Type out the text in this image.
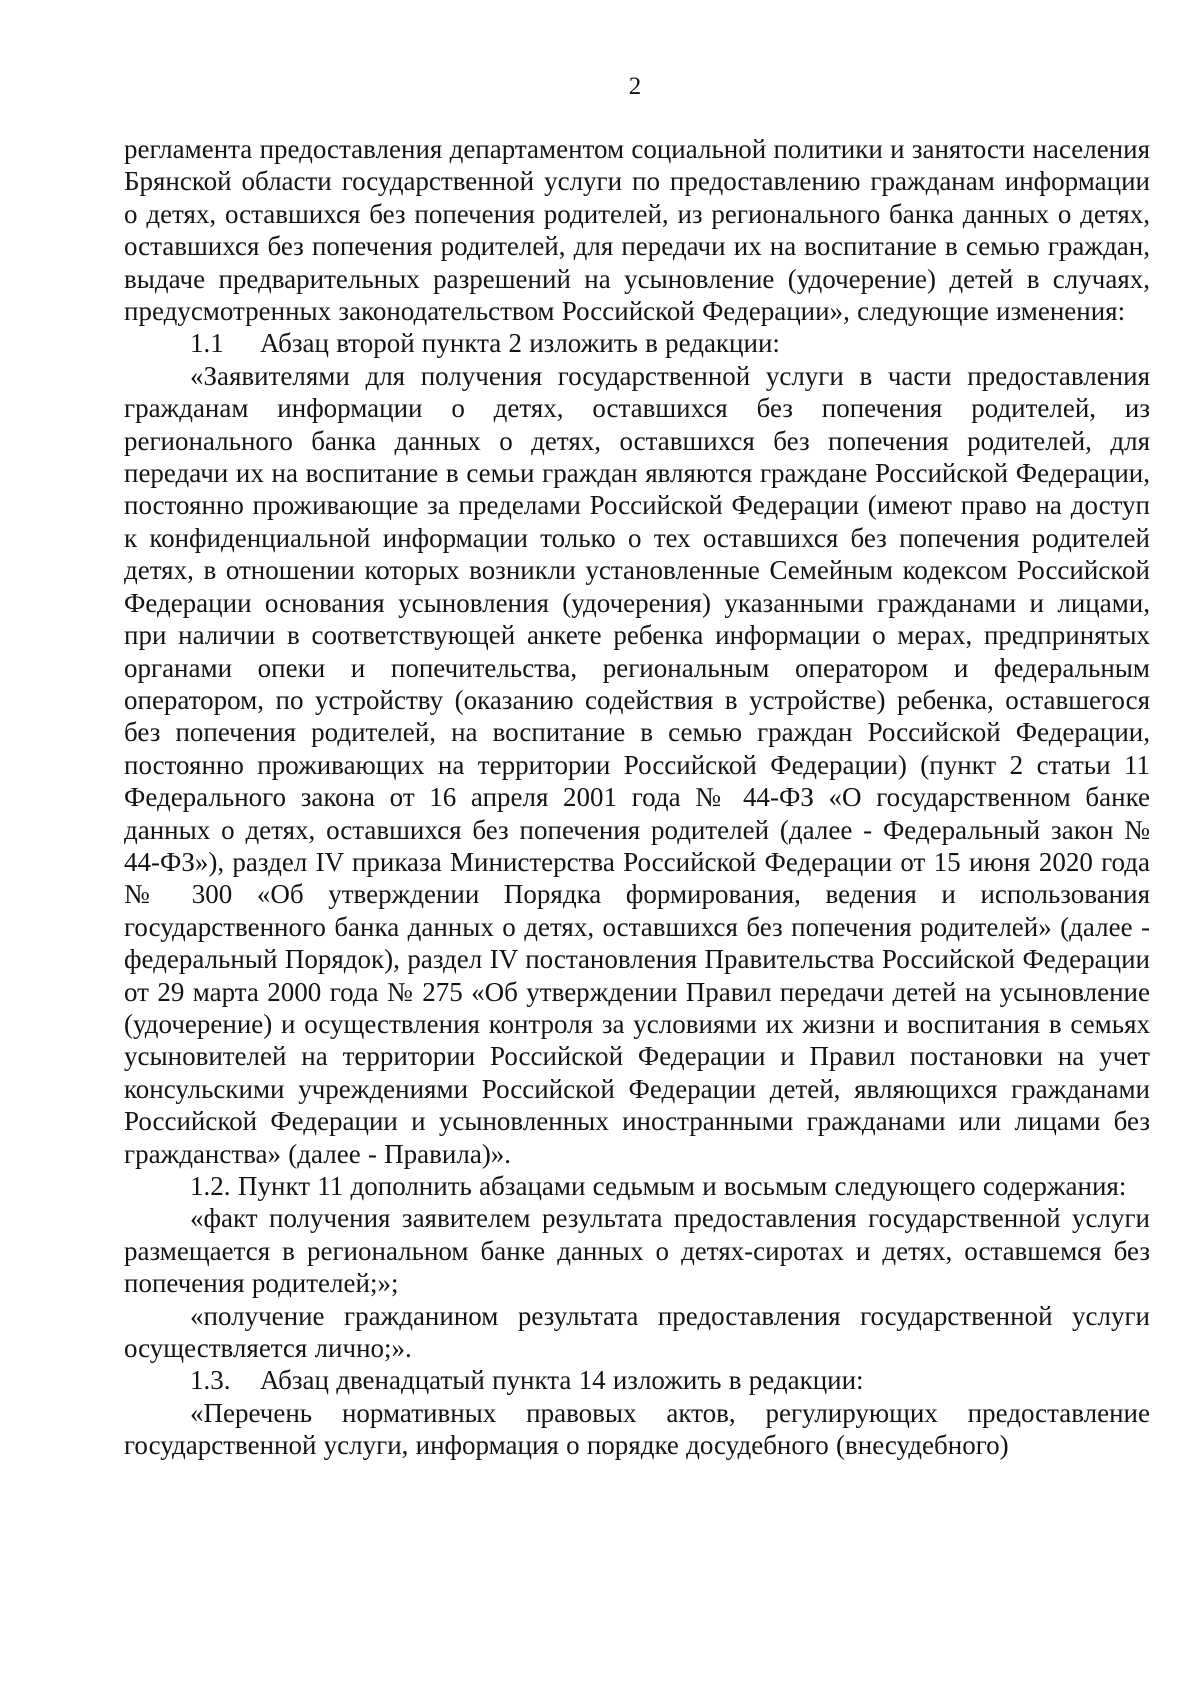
2

регламента предоставления департаментом социальной политики и занятости населения Брянской области государственной услуги по предоставлению гражданам информации о детях, оставшихся без попечения родителей, из регионального банка данных о детях, оставшихся без попечения родителей, для передачи их на воспитание в семью граждан, выдаче предварительных разрешений на усыновление (удочерение) детей в случаях, предусмотренных законодательством Российской Федерации», следующие изменения:

1.1 Абзац второй пункта 2 изложить в редакции:

«Заявителями для получения государственной услуги в части предоставления гражданам информации о детях, оставшихся без попечения родителей, из регионального банка данных о детях, оставшихся без попечения родителей, для передачи их на воспитание в семьи граждан являются граждане Российской Федерации, постоянно проживающие за пределами Российской Федерации (имеют право на доступ к конфиденциальной информации только о тех оставшихся без попечения родителей детях, в отношении которых возникли установленные Семейным кодексом Российской Федерации основания усыновления (удочерения) указанными гражданами и лицами, при наличии в соответствующей анкете ребенка информации о мерах, предпринятых органами опеки и попечительства, региональным оператором и федеральным оператором, по устройству (оказанию содействия в устройстве) ребенка, оставшегося без попечения родителей, на воспитание в семью граждан Российской Федерации, постоянно проживающих на территории Российской Федерации) (пункт 2 статьи 11 Федерального закона от 16 апреля 2001 года № 44-ФЗ «О государственном банке данных о детях, оставшихся без попечения родителей (далее - Федеральный закон № 44-ФЗ»), раздел IV приказа Министерства Российской Федерации от 15 июня 2020 года № 300 «Об утверждении Порядка формирования, ведения и использования государственного банка данных о детях, оставшихся без попечения родителей» (далее - федеральный Порядок), раздел IV постановления Правительства Российской Федерации от 29 марта 2000 года № 275 «Об утверждении Правил передачи детей на усыновление (удочерение) и осуществления контроля за условиями их жизни и воспитания в семьях усыновителей на территории Российской Федерации и Правил постановки на учет консульскими учреждениями Российской Федерации детей, являющихся гражданами Российской Федерации и усыновленных иностранными гражданами или лицами без гражданства» (далее - Правила)».

1.2. Пункт 11 дополнить абзацами седьмым и восьмым следующего содержания:

«факт получения заявителем результата предоставления государственной услуги размещается в региональном банке данных о детях-сиротах и детях, оставшемся без попечения родителей;»;

«получение гражданином результата предоставления государственной услуги осуществляется лично;».

1.3. Абзац двенадцатый пункта 14 изложить в редакции:

«Перечень нормативных правовых актов, регулирующих предоставление государственной услуги, информация о порядке досудебного (внесудебного)
